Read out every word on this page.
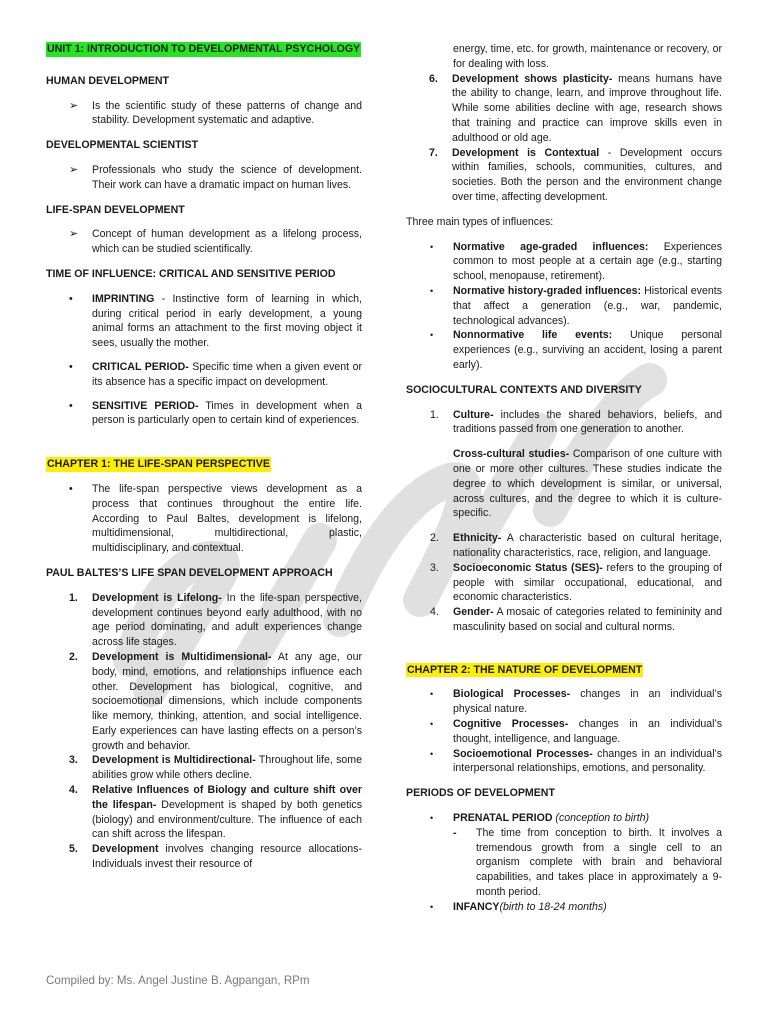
UNIT 1: INTRODUCTION TO DEVELOPMENTAL PSYCHOLOGY

HUMAN DEVELOPMENT

➢ Is the scientific study of these patterns of change and stability. Development systematic and adaptive.

DEVELOPMENTAL SCIENTIST

➢ Professionals who study the science of development. Their work can have a dramatic impact on human lives.

LIFE-SPAN DEVELOPMENT

➢ Concept of human development as a lifelong process, which can be studied scientifically.

TIME OF INFLUENCE: CRITICAL AND SENSITIVE PERIOD

• IMPRINTING - Instinctive form of learning in which, during critical period in early development, a young animal forms an attachment to the first moving object it sees, usually the mother.
• CRITICAL PERIOD- Specific time when a given event or its absence has a specific impact on development.
• SENSITIVE PERIOD- Times in development when a person is particularly open to certain kind of experiences.

CHAPTER 1: THE LIFE-SPAN PERSPECTIVE

• The life-span perspective views development as a process that continues throughout the entire life. According to Paul Baltes, development is lifelong, multidimensional, multidirectional, plastic, multidisciplinary, and contextual.

PAUL BALTES’S LIFE SPAN DEVELOPMENT APPROACH

1. Development is Lifelong- In the life-span perspective, development continues beyond early adulthood, with no age period dominating, and adult experiences change across life stages.
2. Development is Multidimensional- At any age, our body, mind, emotions, and relationships influence each other. Development has biological, cognitive, and socioemotional dimensions, which include components like memory, thinking, attention, and social intelligence. Early experiences can have lasting effects on a person’s growth and behavior.
3. Development is Multidirectional- Throughout life, some abilities grow while others decline.
4. Relative Influences of Biology and culture shift over the lifespan- Development is shaped by both genetics (biology) and environment/culture. The influence of each can shift across the lifespan.
5. Development involves changing resource allocations- Individuals invest their resource of

energy, time, etc. for growth, maintenance or recovery, or for dealing with loss.

6. Development shows plasticity- means humans have the ability to change, learn, and improve throughout life. While some abilities decline with age, research shows that training and practice can improve skills even in adulthood or old age.
7. Development is Contextual - Development occurs within families, schools, communities, cultures, and societies. Both the person and the environment change over time, affecting development.

Three main types of influences:

• Normative age-graded influences: Experiences common to most people at a certain age (e.g., starting school, menopause, retirement).
• Normative history-graded influences: Historical events that affect a generation (e.g., war, pandemic, technological advances).
• Nonnormative life events: Unique personal experiences (e.g., surviving an accident, losing a parent early).

SOCIOCULTURAL CONTEXTS AND DIVERSITY

1. Culture- includes the shared behaviors, beliefs, and traditions passed from one generation to another.

Cross-cultural studies- Comparison of one culture with one or more other cultures. These studies indicate the degree to which development is similar, or universal, across cultures, and the degree to which it is culture-specific.

2. Ethnicity- A characteristic based on cultural heritage, nationality characteristics, race, religion, and language.
3. Socioeconomic Status (SES)- refers to the grouping of people with similar occupational, educational, and economic characteristics.
4. Gender- A mosaic of categories related to femininity and masculinity based on social and cultural norms.

CHAPTER 2: THE NATURE OF DEVELOPMENT

• Biological Processes- changes in an individual’s physical nature.
• Cognitive Processes- changes in an individual’s thought, intelligence, and language.
• Socioemotional Processes- changes in an individual’s interpersonal relationships, emotions, and personality.

PERIODS OF DEVELOPMENT

• PRENATAL PERIOD (conception to birth)
- The time from conception to birth. It involves a tremendous growth from a single cell to an organism complete with brain and behavioral capabilities, and takes place in approximately a 9-month period.
• INFANCY(birth to 18-24 months)
Compiled by: Ms. Angel Justine B. Agpangan, RPm
